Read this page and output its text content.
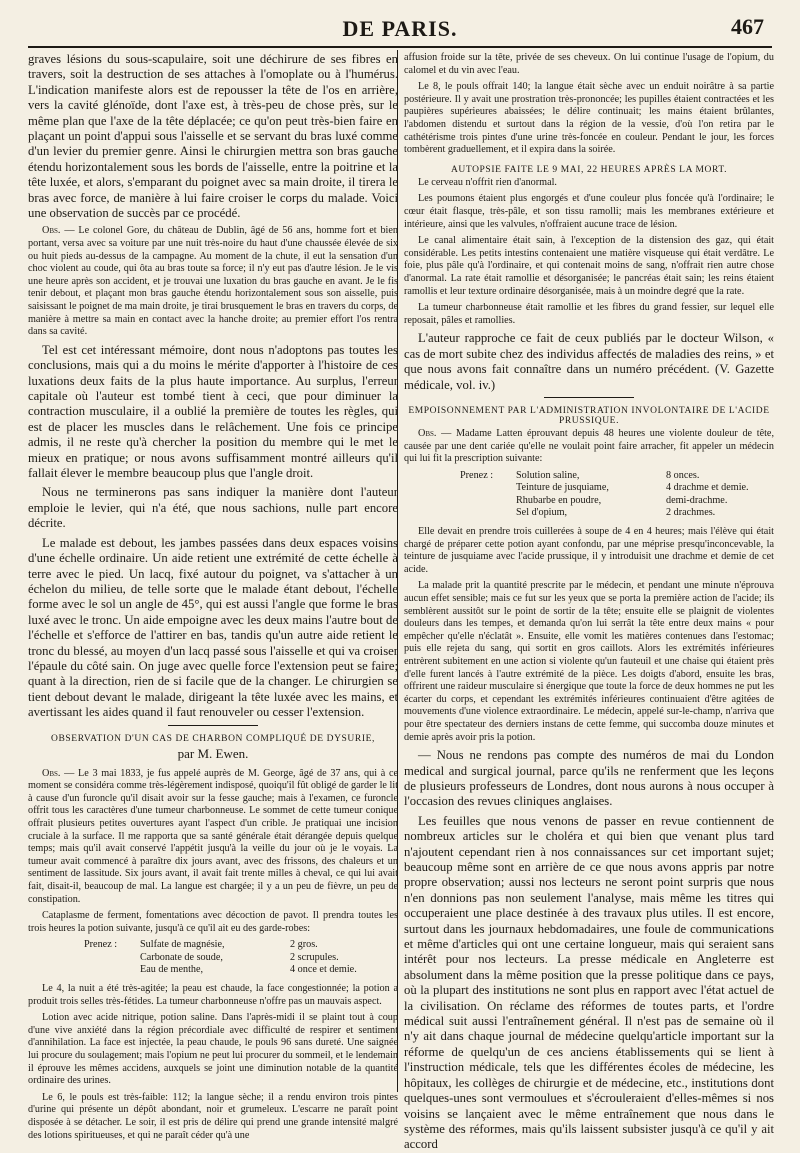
DE PARIS.	467

graves lésions du sous-scapulaire, soit une déchirure de ses fibres en travers, soit la destruction de ses attaches à l'omoplate ou à l'humérus. L'indication manifeste alors est de repousser la tête de l'os en arrière, vers la cavité glénoïde, dont l'axe est, à très-peu de chose près, sur le même plan que l'axe de la tête déplacée; ce qu'on peut très-bien faire en plaçant un point d'appui sous l'aisselle et se servant du bras luxé comme d'un levier du premier genre. Ainsi le chirurgien mettra son bras gauche étendu horizontalement sous les bords de l'aisselle, entre la poitrine et la tête luxée, et alors, s'emparant du poignet avec sa main droite, il tirera le bras avec force, de manière à lui faire croiser le corps du malade. Voici une observation de succès par ce procédé.

Obs. — Le colonel Gore, du château de Dublin, âgé de 56 ans, homme fort et bien portant, versa avec sa voiture par une nuit très-noire du haut d'une chaussée élevée de six ou huit pieds au-dessus de la campagne. Au moment de la chute, il eut la sensation d'un choc violent au coude, qui ôta au bras toute sa force; il n'y eut pas d'autre lésion. Je le vis une heure après son accident, et je trouvai une luxation du bras gauche en avant. Je le fis tenir debout, et plaçant mon bras gauche étendu horizontalement sous son aisselle, puis saisissant le poignet de ma main droite, je tirai brusquement le bras en travers du corps, de manière à mettre sa main en contact avec la hanche droite; au premier effort l'os rentra dans sa cavité.

Tel est cet intéressant mémoire, dont nous n'adoptons pas toutes les conclusions, mais qui a du moins le mérite d'apporter à l'histoire de ces luxations deux faits de la plus haute importance. Au surplus, l'erreur capitale où l'auteur est tombé tient à ceci, que pour diminuer la contraction musculaire, il a oublié la première de toutes les règles, qui est de placer les muscles dans le relâchement. Une fois ce principe admis, il ne reste qu'à chercher la position du membre qui le met le mieux en pratique; or nous avons suffisamment montré ailleurs qu'il fallait élever le membre beaucoup plus que l'angle droit.

Nous ne terminerons pas sans indiquer la manière dont l'auteur emploie le levier, qui n'a été, que nous sachions, nulle part encore décrite.

Le malade est debout, les jambes passées dans deux espaces voisins d'une échelle ordinaire. Un aide retient une extrémité de cette échelle à terre avec le pied. Un lacq, fixé autour du poignet, va s'attacher à un échelon du milieu, de telle sorte que le malade étant debout, l'échelle forme avec le sol un angle de 45°, qui est aussi l'angle que forme le bras luxé avec le tronc. Un aide empoigne avec les deux mains l'autre bout de l'échelle et s'efforce de l'attirer en bas, tandis qu'un autre aide retient le tronc du blessé, au moyen d'un lacq passé sous l'aisselle et qui va croiser l'épaule du côté sain. On juge avec quelle force l'extension peut se faire; quant à la direction, rien de si facile que de la changer. Le chirurgien se tient debout devant le malade, dirigeant la tête luxée avec les mains, et avertissant les aides quand il faut renouveler ou cesser l'extension.

OBSERVATION D'UN CAS DE CHARBON COMPLIQUÉ DE DYSURIE,
par M. Ewen.

Obs. — Le 3 mai 1833, je fus appelé auprès de M. George, âgé de 37 ans, qui à ce moment se considéra comme très-légèrement indisposé, quoiqu'il fût obligé de garder le lit à cause d'un furoncle qu'il disait avoir sur la fesse gauche; mais à l'examen, ce furoncle offrit tous les caractères d'une tumeur charbonneuse. Le sommet de cette tumeur conique offrait plusieurs petites ouvertures ayant l'aspect d'un crible. Je pratiquai une incision cruciale à la surface. Il me rapporta que sa santé générale était dérangée depuis quelque temps; mais qu'il avait conservé l'appétit jusqu'à la veille du jour où je le voyais. La tumeur avait commencé à paraître dix jours avant, avec des frissons, des chaleurs et un sentiment de lassitude. Six jours avant, il avait fait trente milles à cheval, ce qui lui avait fait, disait-il, beaucoup de mal. La langue est chargée; il y a un peu de fièvre, un peu de constipation.

Cataplasme de ferment, fomentations avec décoction de pavot. Il prendra toutes les trois heures la potion suivante, jusqu'à ce qu'il ait eu des garde-robes:

Prenez :	Sulfate de magnésie,	2 gros.
Carbonate de soude,	2 scrupules.
Eau de menthe,	4 once et demie.

Le 4, la nuit a été très-agitée; la peau est chaude, la face congestionnée; la potion a produit trois selles très-fétides. La tumeur charbonneuse n'offre pas un mauvais aspect.

Lotion avec acide nitrique, potion saline. Dans l'après-midi il se plaint tout à coup d'une vive anxiété dans la région précordiale avec difficulté de respirer et sentiment d'annihilation. La face est injectée, la peau chaude, le pouls 96 sans dureté. Une saignée lui procure du soulagement; mais l'opium ne peut lui procurer du sommeil, et le lendemain il éprouve les mêmes accidens, auxquels se joint une diminution notable de la quantité ordinaire des urines.

Le 6, le pouls est très-faible: 112; la langue sèche; il a rendu environ trois pintes d'urine qui présente un dépôt abondant, noir et grumeleux. L'escarre ne paraît point disposée à se détacher. Le soir, il est pris de délire qui prend une grande intensité malgré des lotions spiritueuses, et qui ne paraît céder qu'à une

affusion froide sur la tête, privée de ses cheveux. On lui continue l'usage de l'opium, du calomel et du vin avec l'eau.

Le 8, le pouls offrait 140; la langue était sèche avec un enduit noirâtre à sa partie postérieure. Il y avait une prostration très-prononcée; les pupilles étaient contractées et les paupières supérieures abaissées; le délire continuait; les mains étaient brûlantes, l'abdomen distendu et surtout dans la région de la vessie, d'où l'on retira par le cathétérisme trois pintes d'une urine très-foncée en couleur. Pendant le jour, les forces tombèrent graduellement, et il expira dans la soirée.

AUTOPSIE FAITE LE 9 MAI, 22 HEURES APRÈS LA MORT.

Le cerveau n'offrit rien d'anormal.

Les poumons étaient plus engorgés et d'une couleur plus foncée qu'à l'ordinaire; le cœur était flasque, très-pâle, et son tissu ramolli; mais les membranes extérieure et intérieure, ainsi que les valvules, n'offraient aucune trace de lésion.

Le canal alimentaire était sain, à l'exception de la distension des gaz, qui était considérable. Les petits intestins contenaient une matière visqueuse qui était verdâtre. Le foie, plus pâle qu'à l'ordinaire, et qui contenait moins de sang, n'offrait rien autre chose d'anormal. La rate était ramollie et désorganisée; le pancréas était sain; les reins étaient ramollis et leur texture ordinaire désorganisée, mais à un moindre degré que la rate.

La tumeur charbonneuse était ramollie et les fibres du grand fessier, sur lequel elle reposait, pâles et ramollies.

L'auteur rapproche ce fait de ceux publiés par le docteur Wilson, « cas de mort subite chez des individus affectés de maladies des reins, » et que nous avons fait connaître dans un numéro précédent. (V. Gazette médicale, vol. iv.)

EMPOISONNEMENT PAR L'ADMINISTRATION INVOLONTAIRE DE L'ACIDE PRUSSIQUE.

Obs. — Madame Latten éprouvant depuis 48 heures une violente douleur de tête, causée par une dent cariée qu'elle ne voulait point faire arracher, fit appeler un médecin qui lui fit la prescription suivante:

Prenez :	Solution saline,	8 onces.
Teinture de jusquiame,	4 drachme et demie.
Rhubarbe en poudre,	demi-drachme.
Sel d'opium,	2 drachmes.

Elle devait en prendre trois cuillerées à soupe de 4 en 4 heures; mais l'élève qui était chargé de préparer cette potion ayant confondu, par une méprise presqu'inconcevable, la teinture de jusquiame avec l'acide prussique, il y introduisit une drachme et demie de cet acide.

La malade prit la quantité prescrite par le médecin, et pendant une minute n'éprouva aucun effet sensible; mais ce fut sur les yeux que se porta la première action de l'acide; ils semblèrent aussitôt sur le point de sortir de la tête; ensuite elle se plaignit de violentes douleurs dans les tempes, et demanda qu'on lui serrât la tête entre deux mains « pour empêcher qu'elle n'éclatât ». Ensuite, elle vomit les matières contenues dans l'estomac; puis elle rejeta du sang, qui sortit en gros caillots. Alors les extrémités inférieures entrèrent subitement en une action si violente qu'un fauteuil et une chaise qui étaient près d'elle furent lancés à l'autre extrémité de la pièce. Les doigts d'abord, ensuite les bras, offrirent une raideur musculaire si énergique que toute la force de deux hommes ne put les écarter du corps, et cependant les extrémités inférieures continuaient d'être agitées de mouvements d'une violence extraordinaire. Le médecin, appelé sur-le-champ, n'arriva que pour être spectateur des derniers instans de cette femme, qui succomba douze minutes et demie après avoir pris la potion.

— Nous ne rendons pas compte des numéros de mai du London medical and surgical journal, parce qu'ils ne renferment que les leçons de plusieurs professeurs de Londres, dont nous aurons à nous occuper à l'occasion des revues cliniques anglaises.

Les feuilles que nous venons de passer en revue contiennent de nombreux articles sur le choléra et qui bien que venant plus tard n'ajoutent cependant rien à nos connaissances sur cet important sujet; beaucoup même sont en arrière de ce que nous avons appris par notre propre observation; aussi nos lecteurs ne seront point surpris que nous n'en donnions pas non seulement l'analyse, mais même les titres qui occuperaient une place destinée à des travaux plus utiles. Il est encore, surtout dans les journaux hebdomadaires, une foule de communications et même d'articles qui ont une certaine longueur, mais qui seraient sans intérêt pour nos lecteurs. La presse médicale en Angleterre est absolument dans la même position que la presse politique dans ce pays, où la plupart des institutions ne sont plus en rapport avec l'état actuel de la civilisation. On réclame des réformes de toutes parts, et l'ordre médical suit aussi l'entraînement général. Il n'est pas de semaine où il n'y ait dans chaque journal de médecine quelqu'article important sur la réforme de quelqu'un de ces anciens établissements qui se lient à l'instruction médicale, tels que les différentes écoles de médecine, les hôpitaux, les collèges de chirurgie et de médecine, etc., institutions dont quelques-unes sont vermoulues et s'écrouleraient d'elles-mêmes si nos voisins se lançaient avec le même entraînement que nous dans le système des réformes, mais qu'ils laissent subsister jusqu'à ce qu'il y ait accord
